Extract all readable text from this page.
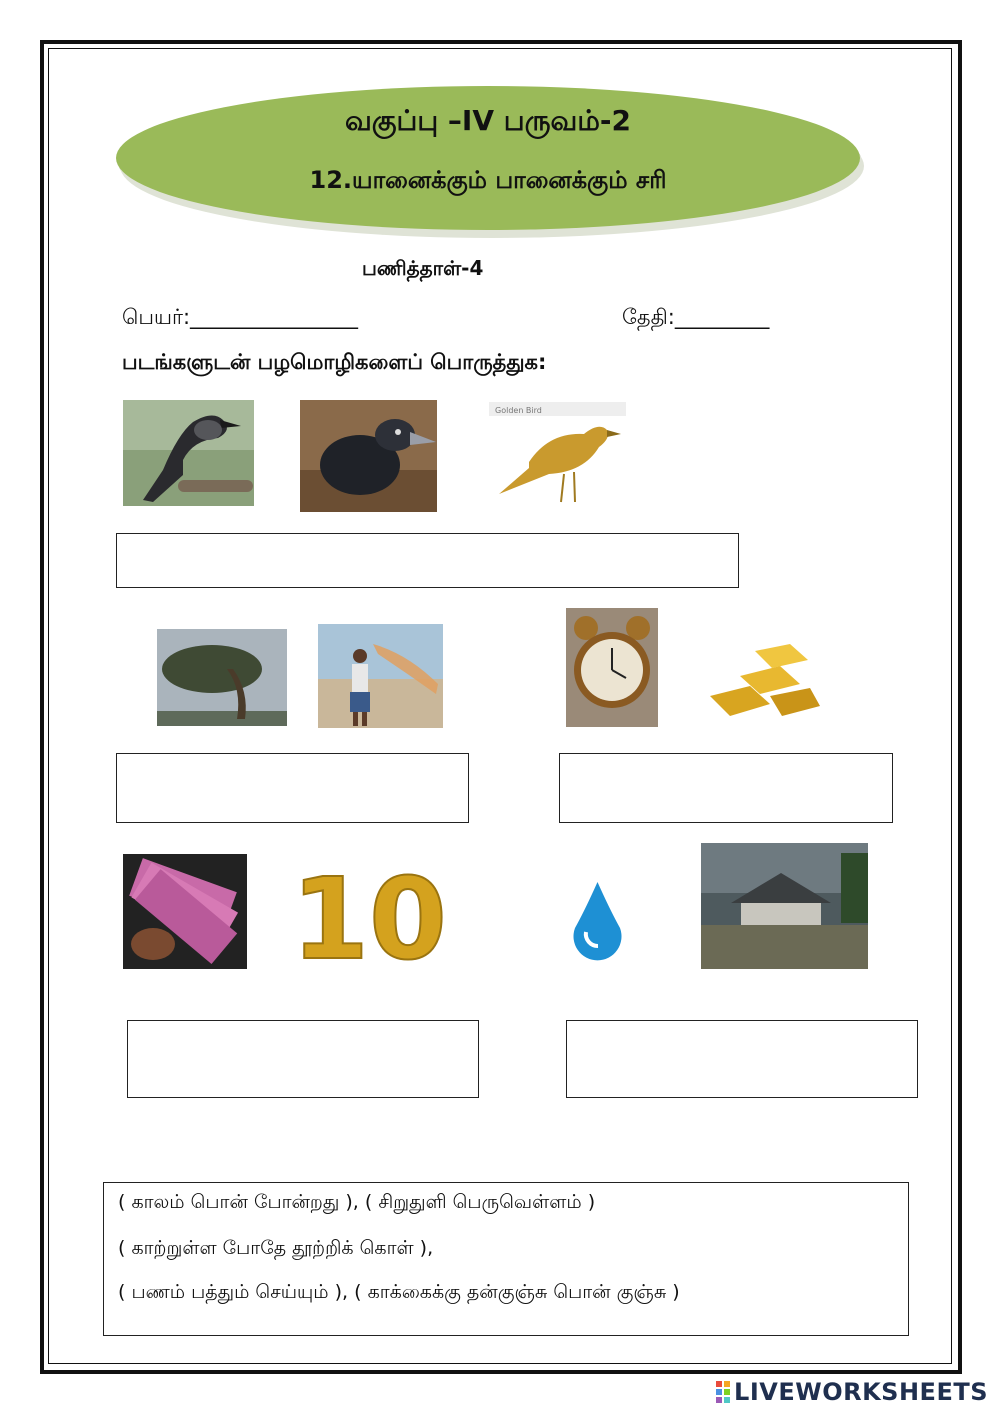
வகுப்பு –IV பருவம்-2
12.யானைக்கும் பானைக்கும் சரி
பணித்தாள்-4
பெயர்:________________	தேதி:_________
படங்களுடன் பழமொழிகளைப் பொருத்துக:
Golden Bird
10
( காலம் பொன் போன்றது ), ( சிறுதுளி பெருவெள்ளம் )
( காற்றுள்ள போதே தூற்றிக் கொள் ),
( பணம் பத்தும் செய்யும் ), ( காக்கைக்கு தன்குஞ்சு பொன் குஞ்சு )
LIVEWORKSHEETS
